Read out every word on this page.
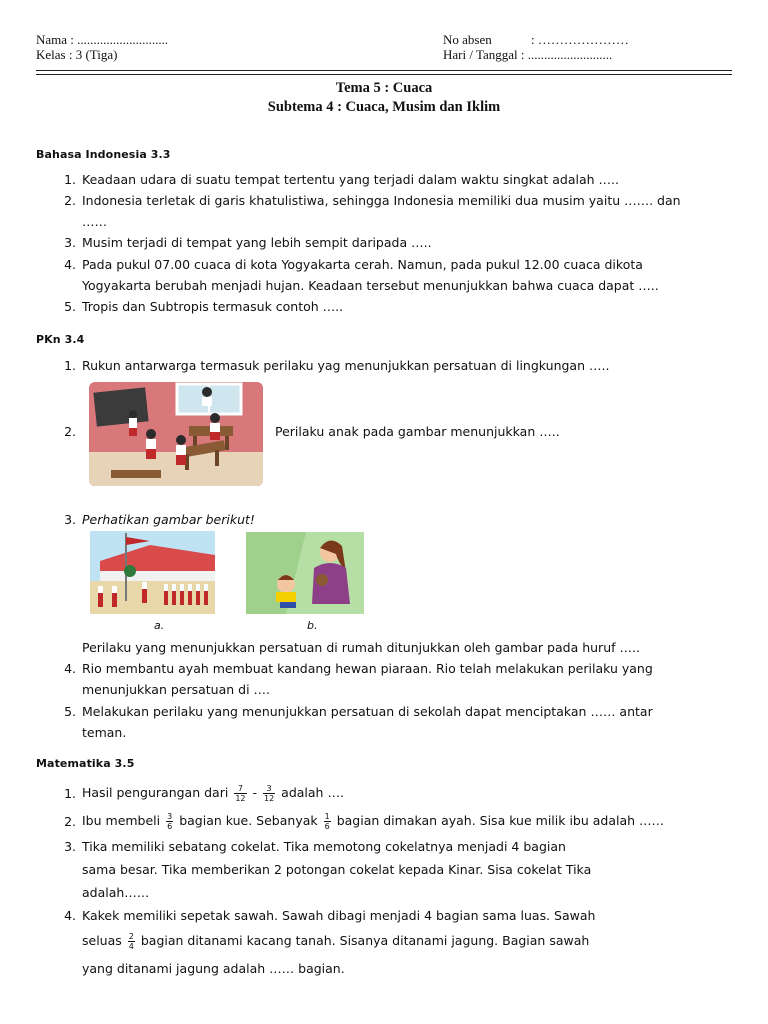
Nama : ............................
Kelas : 3 (Tiga)
No absen	: …………………
Hari / Tanggal : ..........................
Tema 5 : Cuaca
Subtema 4 : Cuaca, Musim dan Iklim
Bahasa Indonesia 3.3
1. Keadaan udara di suatu tempat tertentu yang terjadi dalam waktu singkat adalah …..
2. Indonesia terletak di garis khatulistiwa, sehingga Indonesia memiliki dua musim yaitu ……. dan
……
3. Musim terjadi di tempat yang lebih sempit daripada …..
4. Pada pukul 07.00 cuaca di kota Yogyakarta cerah. Namun, pada pukul 12.00 cuaca dikota
Yogyakarta berubah menjadi hujan. Keadaan tersebut menunjukkan bahwa cuaca dapat …..
5. Tropis dan Subtropis termasuk contoh …..
PKn 3.4
1. Rukun antarwarga termasuk perilaku yag menunjukkan persatuan di lingkungan …..
2.	Perilaku anak pada gambar menunjukkan …..
3. Perhatikan gambar berikut!
a.	b.
Perilaku yang menunjukkan persatuan di rumah ditunjukkan oleh gambar pada huruf …..
4. Rio membantu ayah membuat kandang hewan piaraan. Rio telah melakukan perilaku yang
menunjukkan persatuan di ….
5. Melakukan perilaku yang menunjukkan persatuan di sekolah dapat menciptakan …… antar
teman.
Matematika 3.5
1. Hasil pengurangan dari $\frac{7}{12} - \frac{3}{12}$ adalah ….
2. Ibu membeli $\frac{3}{6}$ bagian kue. Sebanyak $\frac{1}{6}$ bagian dimakan ayah. Sisa kue milik ibu adalah ……
3. Tika memiliki sebatang cokelat. Tika memotong cokelatnya menjadi 4 bagian
sama besar. Tika memberikan 2 potongan cokelat kepada Kinar. Sisa cokelat Tika
adalah……
4. Kakek memiliki sepetak sawah. Sawah dibagi menjadi 4 bagian sama luas. Sawah
seluas $\frac{2}{4}$ bagian ditanami kacang tanah. Sisanya ditanami jagung. Bagian sawah
yang ditanami jagung adalah …… bagian.
